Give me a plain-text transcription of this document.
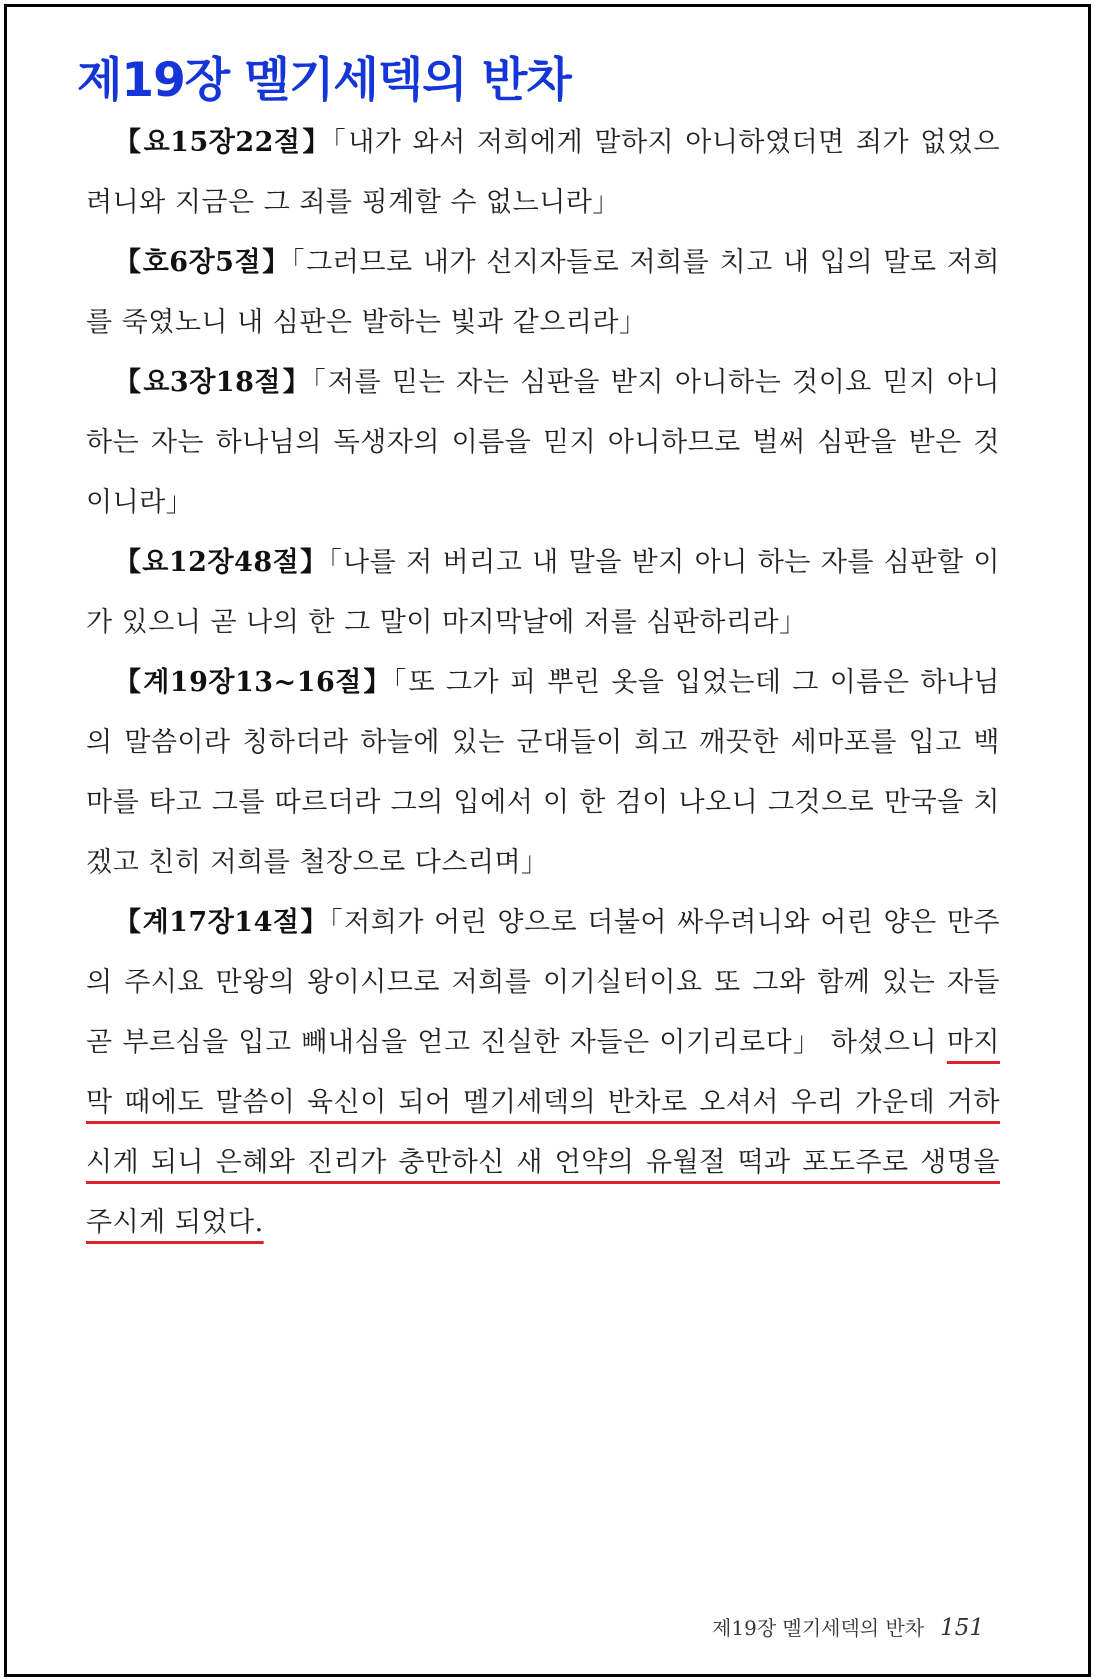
제19장 멜기세덱의 반차

【요15장22절】「내가 와서 저희에게 말하지 아니하였더면 죄가 없었으려니와 지금은 그 죄를 핑계할 수 없느니라」

【호6장5절】「그러므로 내가 선지자들로 저희를 치고 내 입의 말로 저희를 죽였노니 내 심판은 발하는 빛과 같으리라」

【요3장18절】「저를 믿는 자는 심판을 받지 아니하는 것이요 믿지 아니하는 자는 하나님의 독생자의 이름을 믿지 아니하므로 벌써 심판을 받은 것이니라」

【요12장48절】「나를 저 버리고 내 말을 받지 아니 하는 자를 심판할 이가 있으니 곧 나의 한 그 말이 마지막날에 저를 심판하리라」

【계19장13~16절】「또 그가 피 뿌린 옷을 입었는데 그 이름은 하나님의 말씀이라 칭하더라 하늘에 있는 군대들이 희고 깨끗한 세마포를 입고 백마를 타고 그를 따르더라 그의 입에서 이 한 검이 나오니 그것으로 만국을 치겠고 친히 저희를 철장으로 다스리며」

【계17장14절】「저희가 어린 양으로 더불어 싸우려니와 어린 양은 만주의 주시요 만왕의 왕이시므로 저희를 이기실터이요 또 그와 함께 있는 자들 곧 부르심을 입고 빼내심을 얻고 진실한 자들은 이기리로다」 하셨으니 마지막 때에도 말씀이 육신이 되어 멜기세덱의 반차로 오셔서 우리 가운데 거하시게 되니 은혜와 진리가 충만하신 새 언약의 유월절 떡과 포도주로 생명을 주시게 되었다.

제19장 멜기세덱의 반차 151
